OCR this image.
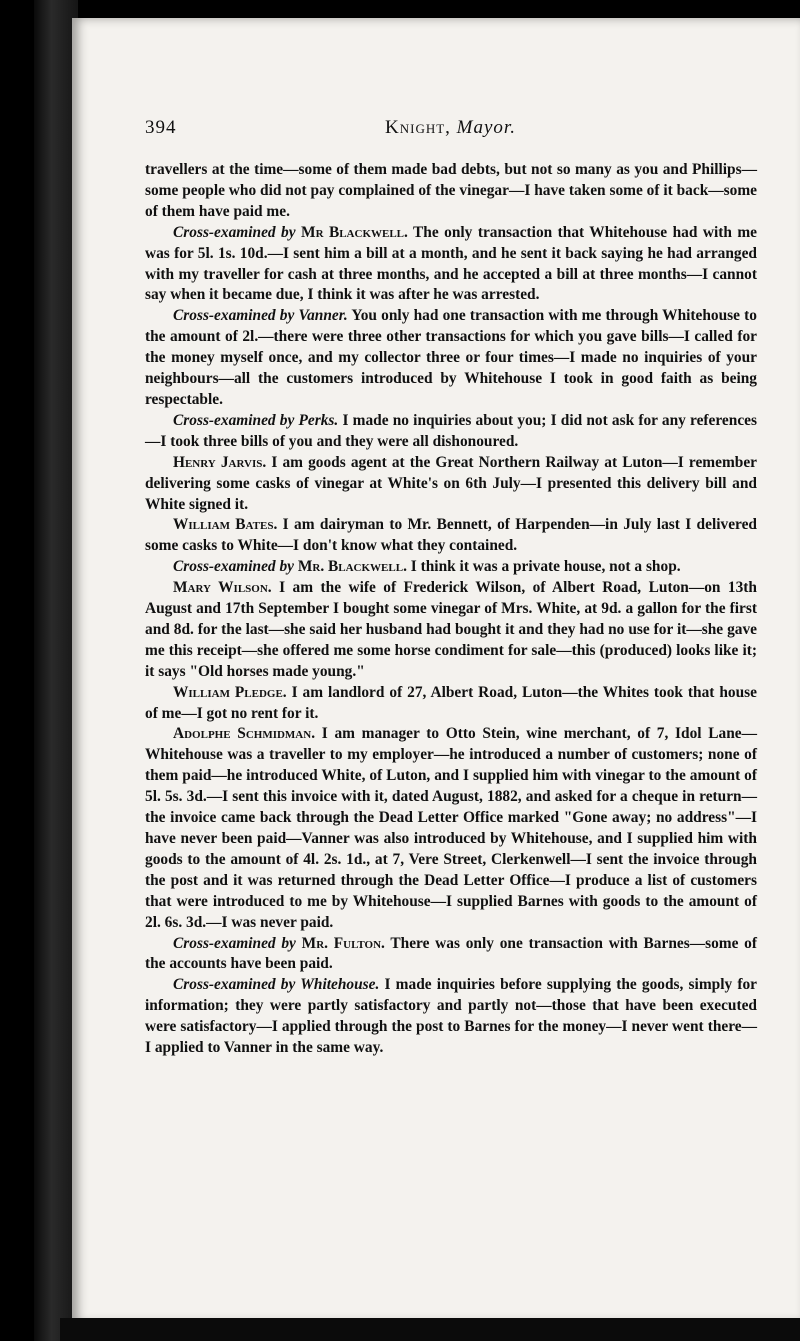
394	Knight, Mayor.

travellers at the time—some of them made bad debts, but not so many as you and Phillips—some people who did not pay complained of the vinegar—I have taken some of it back—some of them have paid me.

Cross-examined by Mr Blackwell. The only transaction that Whitehouse had with me was for 5l. 1s. 10d.—I sent him a bill at a month, and he sent it back saying he had arranged with my traveller for cash at three months, and he accepted a bill at three months—I cannot say when it became due, I think it was after he was arrested.

Cross-examined by Vanner. You only had one transaction with me through Whitehouse to the amount of 2l.—there were three other transactions for which you gave bills—I called for the money myself once, and my collector three or four times—I made no inquiries of your neighbours—all the customers introduced by Whitehouse I took in good faith as being respectable.

Cross-examined by Perks. I made no inquiries about you; I did not ask for any references—I took three bills of you and they were all dishonoured.

Henry Jarvis. I am goods agent at the Great Northern Railway at Luton—I remember delivering some casks of vinegar at White's on 6th July—I presented this delivery bill and White signed it.

William Bates. I am dairyman to Mr. Bennett, of Harpenden—in July last I delivered some casks to White—I don't know what they contained.

Cross-examined by Mr. Blackwell. I think it was a private house, not a shop.

Mary Wilson. I am the wife of Frederick Wilson, of Albert Road, Luton—on 13th August and 17th September I bought some vinegar of Mrs. White, at 9d. a gallon for the first and 8d. for the last—she said her husband had bought it and they had no use for it—she gave me this receipt—she offered me some horse condiment for sale—this (produced) looks like it; it says "Old horses made young."

William Pledge. I am landlord of 27, Albert Road, Luton—the Whites took that house of me—I got no rent for it.

Adolphe Schmidman. I am manager to Otto Stein, wine merchant, of 7, Idol Lane—Whitehouse was a traveller to my employer—he introduced a number of customers; none of them paid—he introduced White, of Luton, and I supplied him with vinegar to the amount of 5l. 5s. 3d.—I sent this invoice with it, dated August, 1882, and asked for a cheque in return—the invoice came back through the Dead Letter Office marked "Gone away; no address"—I have never been paid—Vanner was also introduced by Whitehouse, and I supplied him with goods to the amount of 4l. 2s. 1d., at 7, Vere Street, Clerkenwell—I sent the invoice through the post and it was returned through the Dead Letter Office—I produce a list of customers that were introduced to me by Whitehouse—I supplied Barnes with goods to the amount of 2l. 6s. 3d.—I was never paid.

Cross-examined by Mr. Fulton. There was only one transaction with Barnes—some of the accounts have been paid.

Cross-examined by Whitehouse. I made inquiries before supplying the goods, simply for information; they were partly satisfactory and partly not—those that have been executed were satisfactory—I applied through the post to Barnes for the money—I never went there—I applied to Vanner in the same way.
